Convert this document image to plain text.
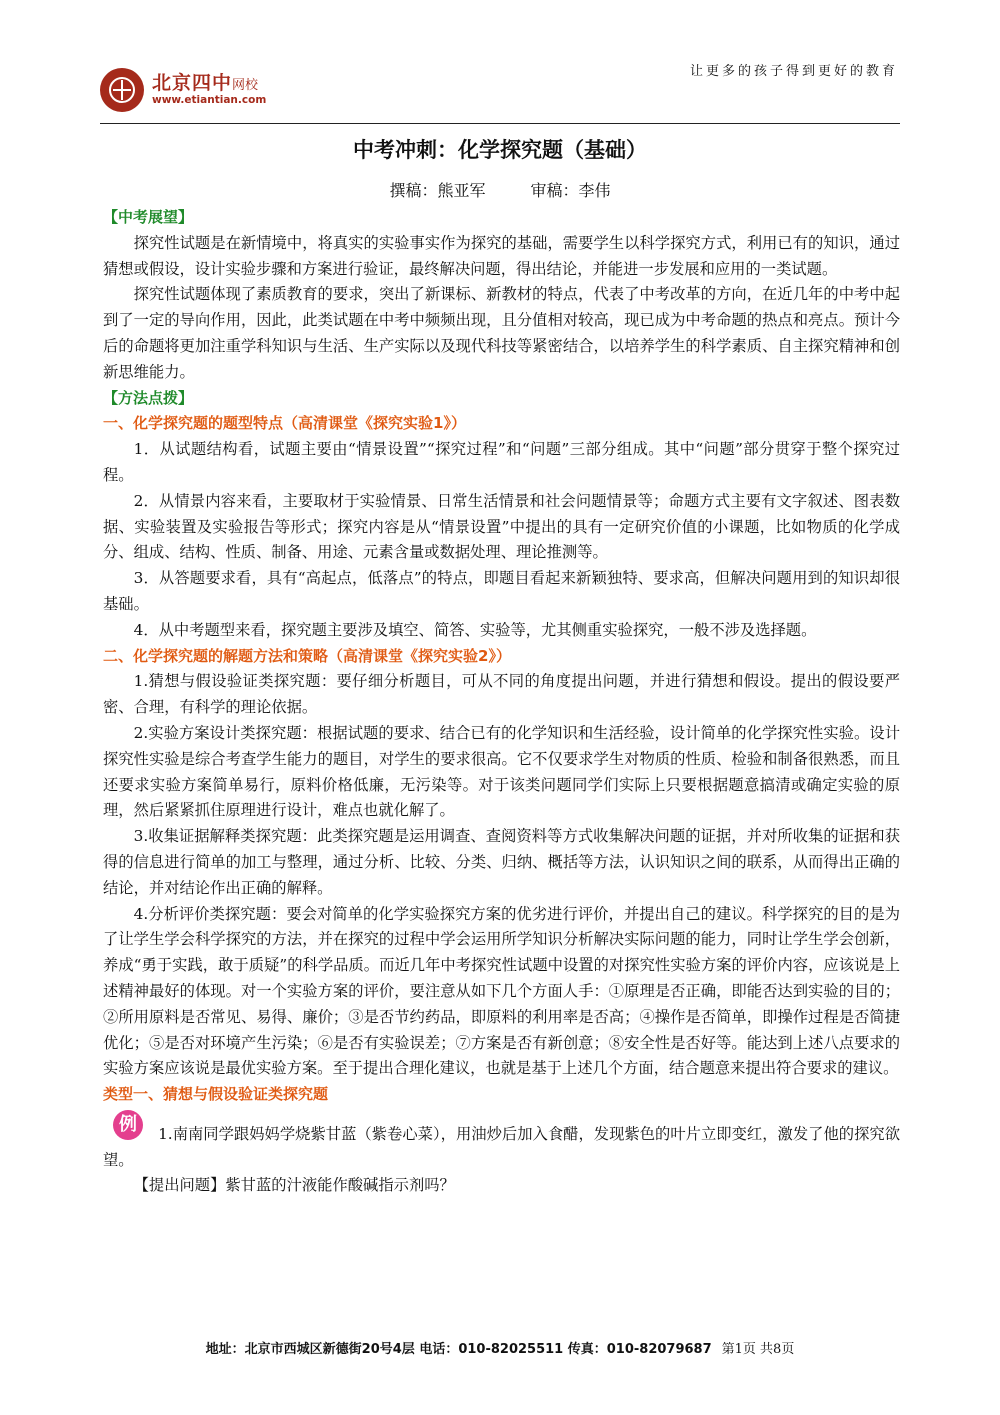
北京四中网校
www.etiantian.com
让更多的孩子得到更好的教育
中考冲刺：化学探究题（基础）
撰稿：熊亚军	审稿：李伟

【中考展望】

探究性试题是在新情境中，将真实的实验事实作为探究的基础，需要学生以科学探究方式，利用已有的知识，通过猜想或假设，设计实验步骤和方案进行验证，最终解决问题，得出结论，并能进一步发展和应用的一类试题。

探究性试题体现了素质教育的要求，突出了新课标、新教材的特点，代表了中考改革的方向，在近几年的中考中起到了一定的导向作用，因此，此类试题在中考中频频出现，且分值相对较高，现已成为中考命题的热点和亮点。预计今后的命题将更加注重学科知识与生活、生产实际以及现代科技等紧密结合，以培养学生的科学素质、自主探究精神和创新思维能力。

【方法点拨】

一、化学探究题的题型特点（高清课堂《探究实验1》）

1．从试题结构看，试题主要由“情景设置”“探究过程”和“问题”三部分组成。其中“问题”部分贯穿于整个探究过程。

2．从情景内容来看，主要取材于实验情景、日常生活情景和社会问题情景等；命题方式主要有文字叙述、图表数据、实验装置及实验报告等形式；探究内容是从“情景设置”中提出的具有一定研究价值的小课题，比如物质的化学成分、组成、结构、性质、制备、用途、元素含量或数据处理、理论推测等。

3．从答题要求看，具有“高起点，低落点”的特点，即题目看起来新颖独特、要求高，但解决问题用到的知识却很基础。

4．从中考题型来看，探究题主要涉及填空、简答、实验等，尤其侧重实验探究，一般不涉及选择题。

二、化学探究题的解题方法和策略（高清课堂《探究实验2》）

1.猜想与假设验证类探究题：要仔细分析题目，可从不同的角度提出问题，并进行猜想和假设。提出的假设要严密、合理，有科学的理论依据。

2.实验方案设计类探究题：根据试题的要求、结合已有的化学知识和生活经验，设计简单的化学探究性实验。设计探究性实验是综合考查学生能力的题目，对学生的要求很高。它不仅要求学生对物质的性质、检验和制备很熟悉，而且还要求实验方案简单易行，原料价格低廉，无污染等。对于该类问题同学们实际上只要根据题意搞清或确定实验的原理，然后紧紧抓住原理进行设计，难点也就化解了。

3.收集证据解释类探究题：此类探究题是运用调查、查阅资料等方式收集解决问题的证据，并对所收集的证据和获得的信息进行简单的加工与整理，通过分析、比较、分类、归纳、概括等方法，认识知识之间的联系，从而得出正确的结论，并对结论作出正确的解释。

4.分析评价类探究题：要会对简单的化学实验探究方案的优劣进行评价，并提出自己的建议。科学探究的目的是为了让学生学会科学探究的方法，并在探究的过程中学会运用所学知识分析解决实际问题的能力，同时让学生学会创新，养成“勇于实践，敢于质疑”的科学品质。而近几年中考探究性试题中设置的对探究性实验方案的评价内容，应该说是上述精神最好的体现。对一个实验方案的评价，要注意从如下几个方面人手：①原理是否正确，即能否达到实验的目的；②所用原料是否常见、易得、廉价；③是否节约药品，即原料的利用率是否高；④操作是否简单，即操作过程是否简捷优化；⑤是否对环境产生污染；⑥是否有实验误差；⑦方案是否有新创意；⑧安全性是否好等。能达到上述八点要求的实验方案应该说是最优实验方案。至于提出合理化建议，也就是基于上述几个方面，结合题意来提出符合要求的建议。

类型一、猜想与假设验证类探究题

例	1.南南同学跟妈妈学烧紫甘蓝（紫卷心菜），用油炒后加入食醋，发现紫色的叶片立即变红，激发了他的探究欲望。

【提出问题】紫甘蓝的汁液能作酸碱指示剂吗？

地址：北京市西城区新德街20号4层 电话：010-82025511 传真：010-82079687 第1页 共8页
